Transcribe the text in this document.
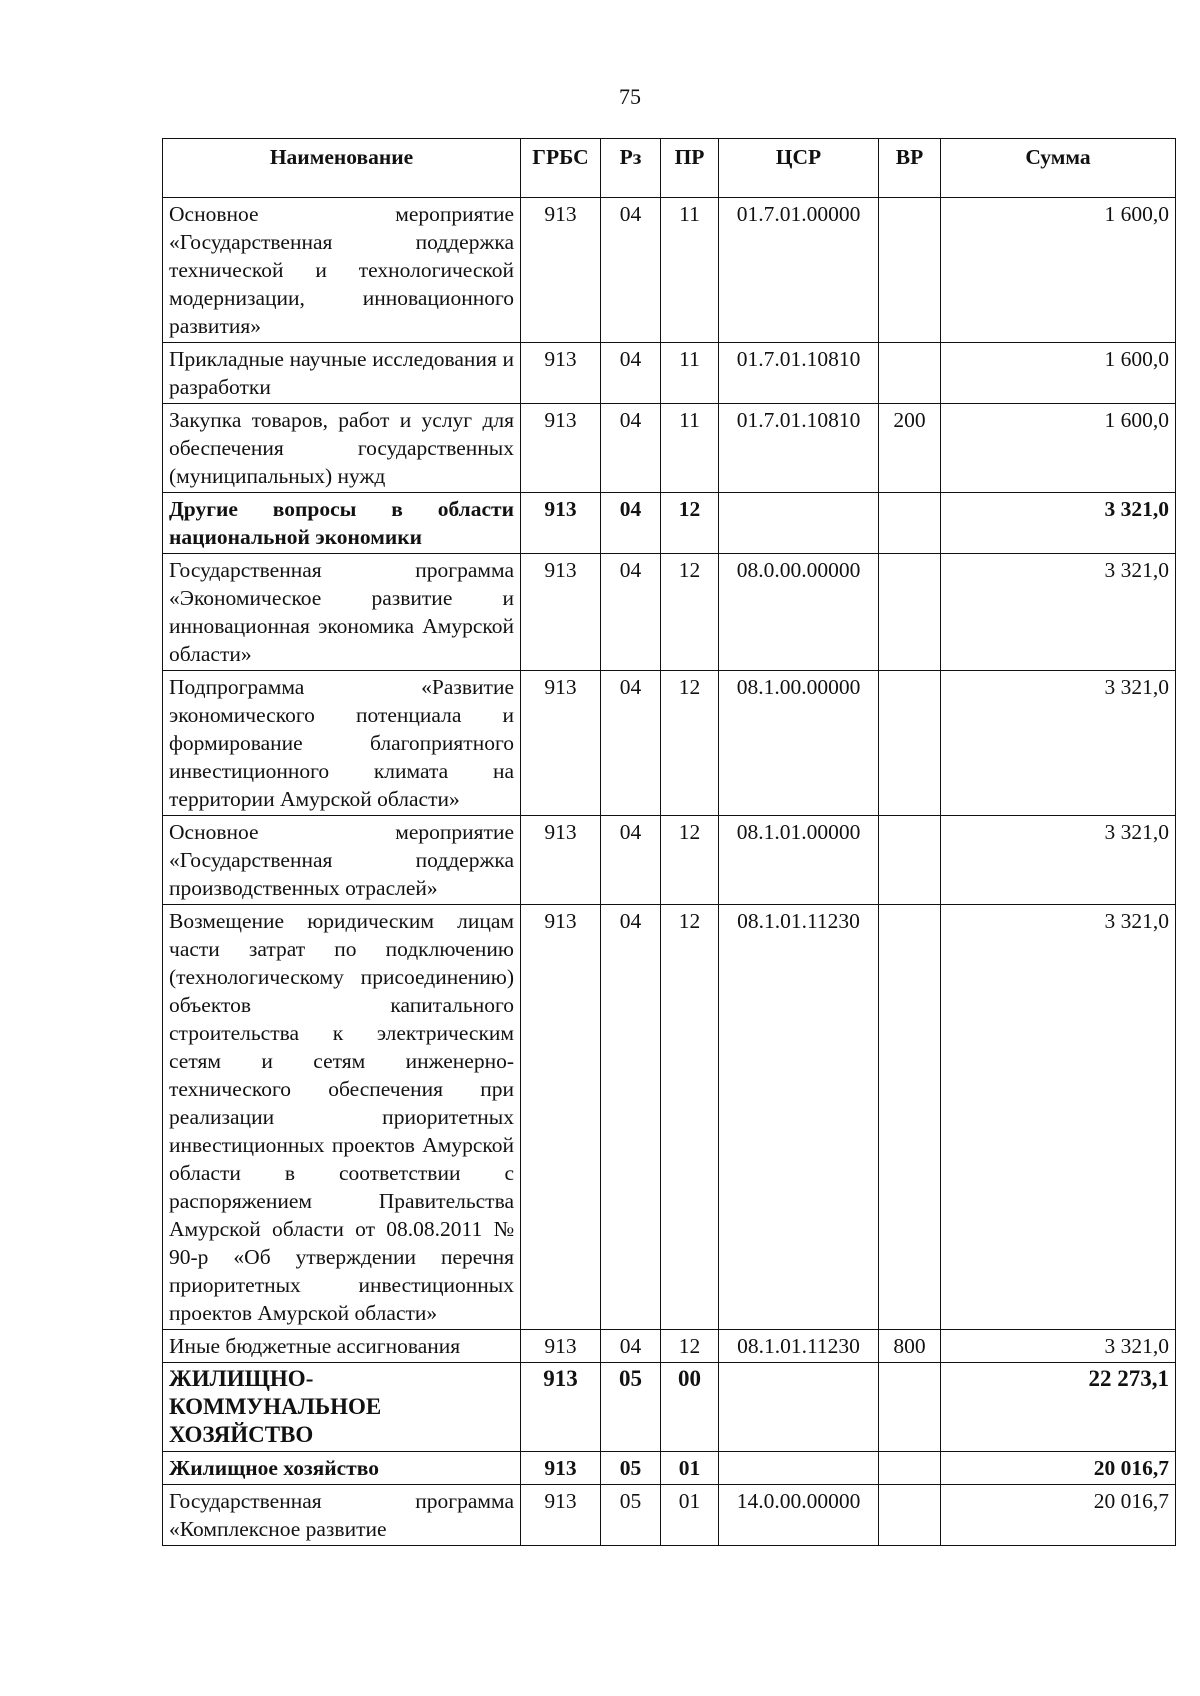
75
Наименование	ГРБС	Рз	ПР	ЦСР	ВР	Сумма
Основное мероприятие «Государственная поддержка технической и технологической модернизации, инновационного развития»	913	04	11	01.7.01.00000		1 600,0
Прикладные научные исследования и разработки	913	04	11	01.7.01.10810		1 600,0
Закупка товаров, работ и услуг для обеспечения государственных (муниципальных) нужд	913	04	11	01.7.01.10810	200	1 600,0
Другие вопросы в области национальной экономики	913	04	12			3 321,0
Государственная программа «Экономическое развитие и инновационная экономика Амурской области»	913	04	12	08.0.00.00000		3 321,0
Подпрограмма «Развитие экономического потенциала и формирование благоприятного инвестиционного климата на территории Амурской области»	913	04	12	08.1.00.00000		3 321,0
Основное мероприятие «Государственная поддержка производственных отраслей»	913	04	12	08.1.01.00000		3 321,0
Возмещение юридическим лицам части затрат по подключению (технологическому присоединению) объектов капитального строительства к электрическим сетям и сетям инженерно-технического обеспечения при реализации приоритетных инвестиционных проектов Амурской области в соответствии с распоряжением Правительства Амурской области от 08.08.2011 № 90-р «Об утверждении перечня приоритетных инвестиционных проектов Амурской области»	913	04	12	08.1.01.11230		3 321,0
Иные бюджетные ассигнования	913	04	12	08.1.01.11230	800	3 321,0
ЖИЛИЩНО-КОММУНАЛЬНОЕ ХОЗЯЙСТВО	913	05	00			22 273,1
Жилищное хозяйство	913	05	01			20 016,7
Государственная программа «Комплексное развитие	913	05	01	14.0.00.00000		20 016,7
